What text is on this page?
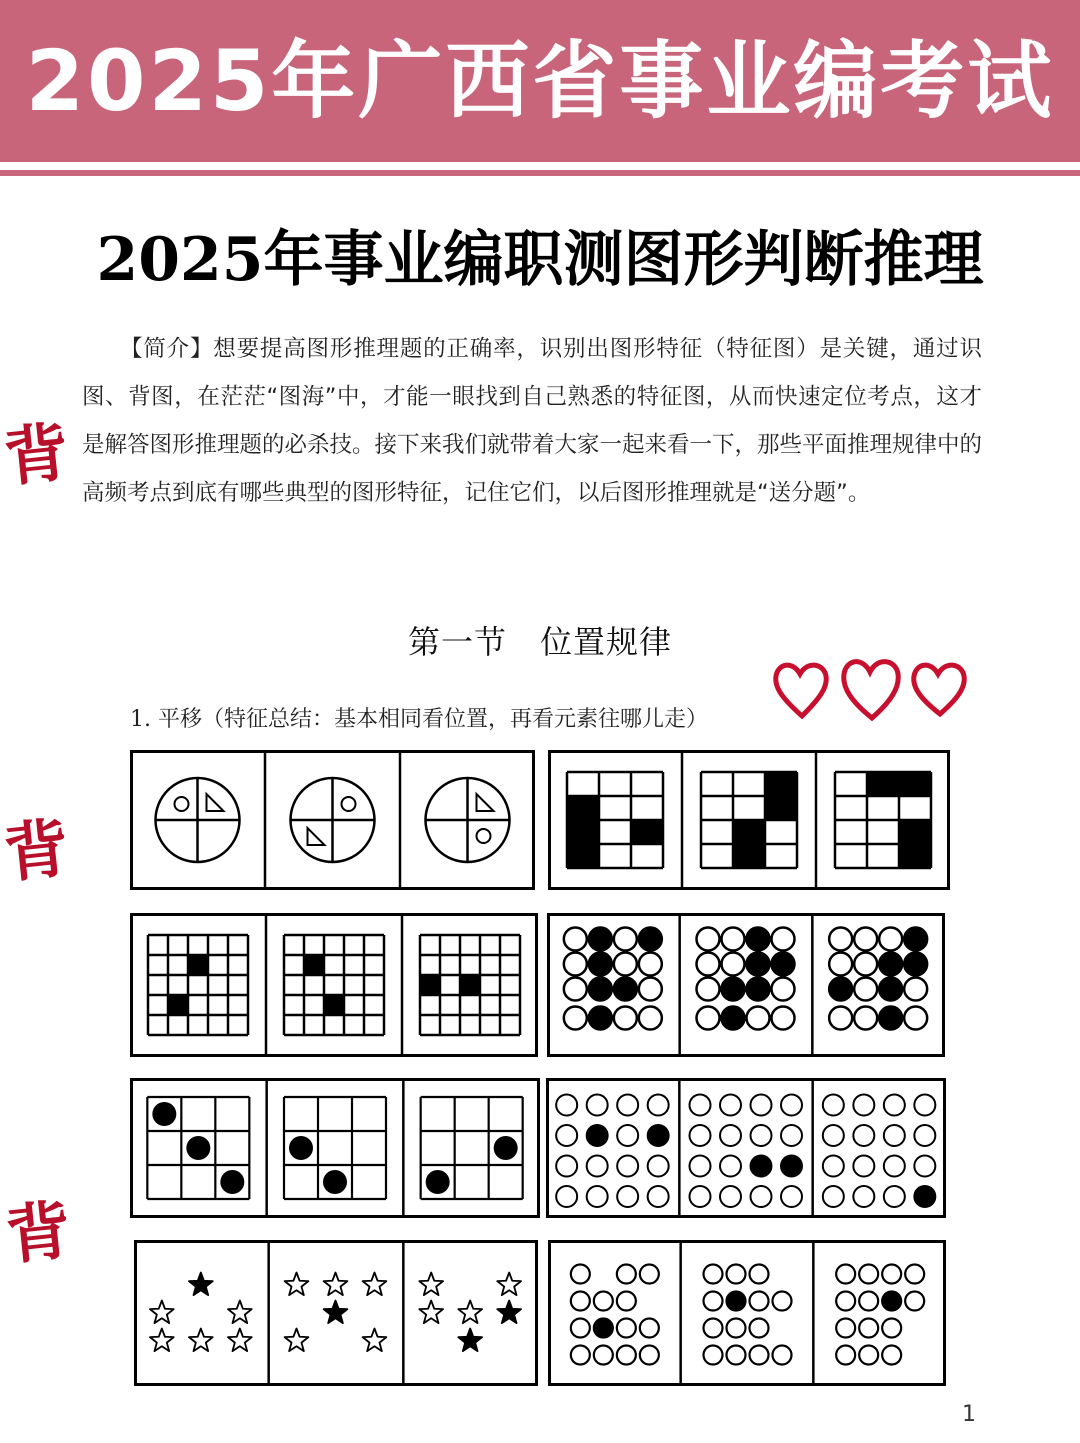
2025年广西省事业编考试
2025年事业编职测图形判断推理
【简介】想要提高图形推理题的正确率，识别出图形特征（特征图）是关键，通过识图、背图，在茫茫“图海”中，才能一眼找到自己熟悉的特征图，从而快速定位考点，这才是解答图形推理题的必杀技。接下来我们就带着大家一起来看一下，那些平面推理规律中的高频考点到底有哪些典型的图形特征，记住它们，以后图形推理就是“送分题”。
背
背
背
第一节　位置规律
1. 平移（特征总结：基本相同看位置，再看元素往哪儿走）
1
